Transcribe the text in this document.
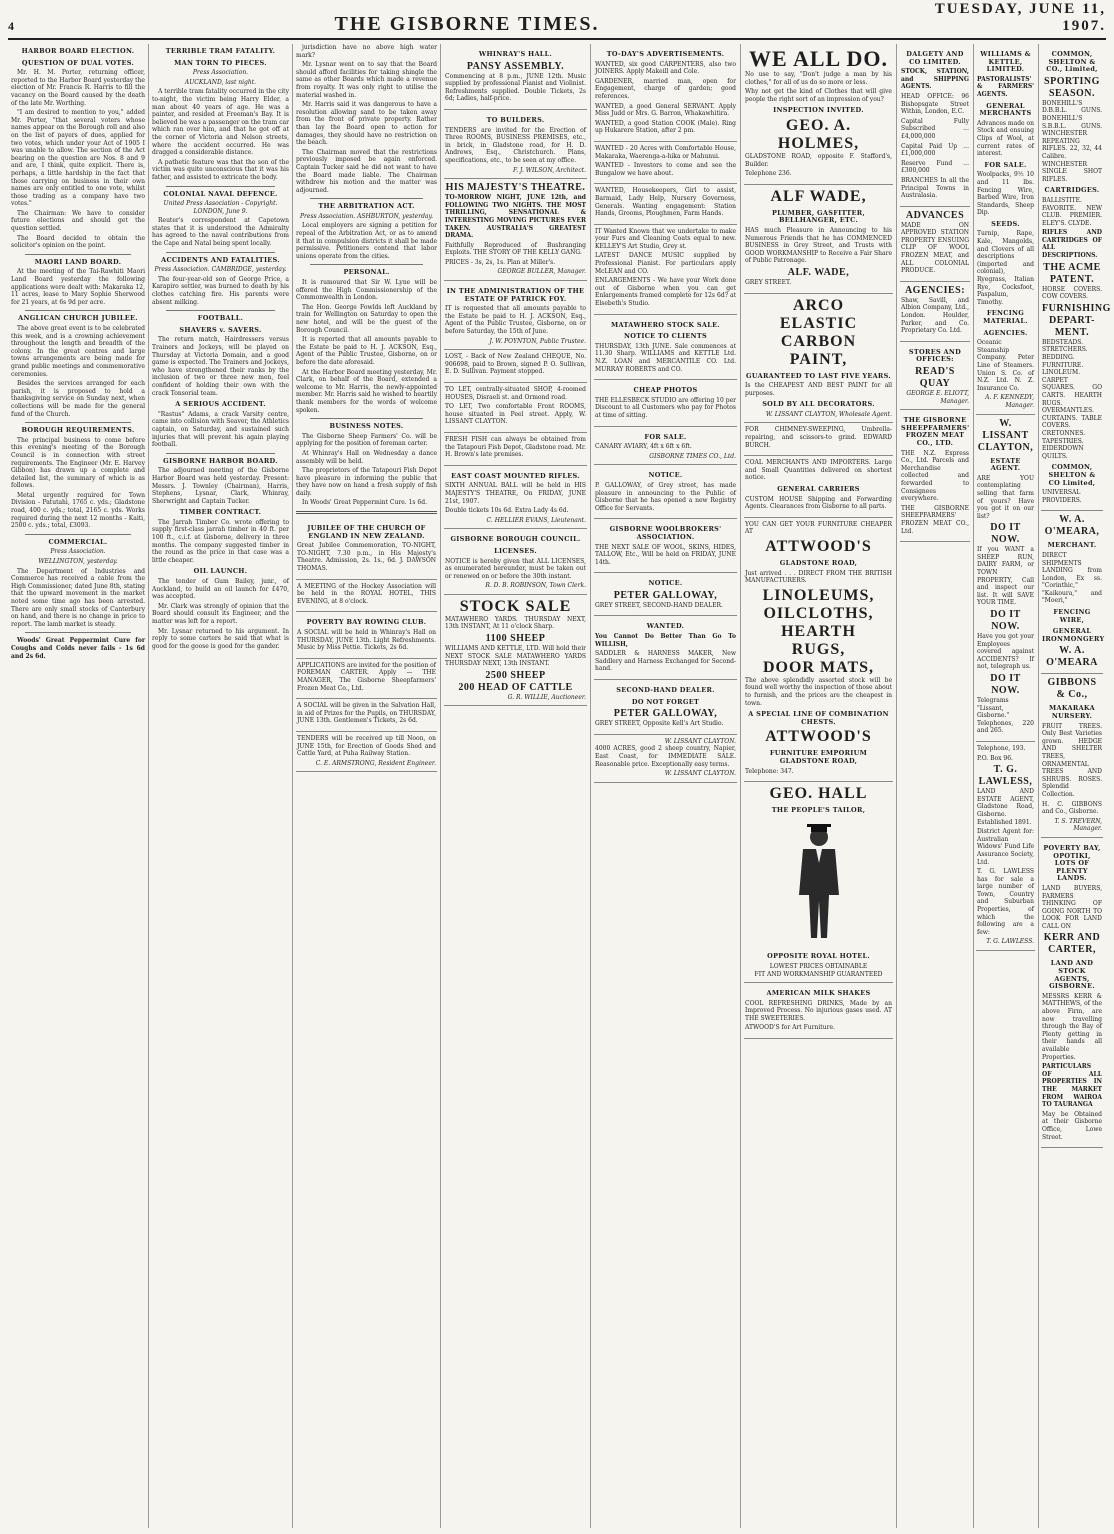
4	THE GISBORNE TIMES.
TUESDAY, JUNE 11, 1907.
HARBOR BOARD ELECTION.
QUESTION OF DUAL VOTES.
Mr. H. M. Porter, returning officer, reported to the Harbor Board yesterday the election of Mr. Francis R. Harris to fill the vacancy on the Board caused by the death of the late Mr. Worthing.
"I am desired to mention to you," added Mr. Porter, "that several voters whose names appear on the Borough roll and also on the list of payers of dues, applied for two votes, which under your Act of 1905 I was unable to allow. The section of the Act bearing on the question are Nos. 8 and 9 and are, I think, quite explicit. There is, perhaps, a little hardship in the fact that those carrying on business in their own names are only entitled to one vote, whilst those trading as a company have two votes."
The Chairman: We have to consider future elections and should get the question settled.
The Board decided to obtain the solicitor's opinion on the point.
MAORI LAND BOARD.
At the meeting of the Tai-Rawhiti Maori Land Board yesterday the following applications were dealt with: Makaraka 12, 11 acres, lease to Mary Sophie Sherwood for 21 years, at 6s 9d per acre.
ANGLICAN CHURCH JUBILEE.
The above great event is to be celebrated this week, and is a crowning achievement throughout the length and breadth of the colony. In the great centres and large towns arrangements are being made for grand public meetings and commemorative ceremonies.
Besides the services arranged for each parish, it is proposed to hold a thanksgiving service on Sunday next, when collections will be made for the general fund of the Church.
BOROUGH REQUIREMENTS.
The principal business to come before this evening's meeting of the Borough Council is in connection with street requirements. The Engineer (Mr. E. Harvey Gibbon) has drawn up a complete and detailed list, the summary of which is as follows.
Metal urgently required for Town Division - Patutahi, 1765 c. yds.; Gladstone road, 400 c. yds.; total, 2165 c. yds. Works required during the next 12 months - Kaiti, 2500 c. yds.; total, £3093.
COMMERCIAL.
Press Association.
WELLINGTON, yesterday.
The Department of Industries and Commerce has received a cable from the High Commissioner, dated June 8th, stating that the upward movement in the market noted some time ago has been arrested. There are only small stocks of Canterbury on hand, and there is no change in price to report. The lamb market is steady.
Woods' Great Peppermint Cure for Coughs and Colds never fails - 1s 6d and 2s 6d.
TERRIBLE TRAM FATALITY.
MAN TORN TO PIECES.
Press Association.
AUCKLAND, last night.
A terrible tram fatality occurred in the city to-night, the victim being Harry Elder, a man about 40 years of age. He was a painter, and resided at Freeman's Bay. It is believed he was a passenger on the tram car which ran over him, and that he got off at the corner of Victoria and Nelson streets, where the accident occurred. He was dragged a considerable distance.
A pathetic feature was that the son of the victim was quite unconscious that it was his father, and assisted to extricate the body.
COLONIAL NAVAL DEFENCE.
United Press Association - Copyright. LONDON, June 9.
Reuter's correspondent at Capetown states that it is understood the Admiralty has agreed to the naval contributions from the Cape and Natal being spent locally.
ACCIDENTS AND FATALITIES.
Press Association. CAMBRIDGE, yesterday.
The four-year-old son of George Price, a Karapiro settler, was burned to death by his clothes catching fire. His parents were absent milking.
FOOTBALL.
SHAVERS v. SAVERS.
The return match, Hairdressers versus Trainers and Jockeys, will be played on Thursday at Victoria Domain, and a good game is expected. The Trainers and Jockeys, who have strengthened their ranks by the inclusion of two or three new men, feel confident of holding their own with the crack Tonsorial team.
A SERIOUS ACCIDENT.
"Rastus" Adams, a crack Varsity centre, came into collision with Seaver, the Athletics captain, on Saturday, and sustained such injuries that will prevent his again playing football.
GISBORNE HARBOR BOARD.
The adjourned meeting of the Gisborne Harbor Board was held yesterday. Present: Messrs. J. Townley (Chairman), Harris, Stephens, Lysnar, Clark, Whinray, Sherwright and Captain Tucker.
TIMBER CONTRACT.
The Jarrah Timber Co. wrote offering to supply first-class jarrah timber in 40 ft. per 100 ft., c.i.f. at Gisborne, delivery in three months. The company suggested timber in the round as the price in that case was a little cheaper.
OIL LAUNCH.
The tender of Gum Bailey, junr., of Auckland, to build an oil launch for £470, was accepted.
Mr. Clark was strongly of opinion that the Board should consult its Engineer, and the matter was left for a report.
Mr. Lysnar returned to his argument. In reply to some carters he said that what is good for the goose is good for the gander.
jurisdiction have no above high water mark?
Mr. Lysnar went on to say that the Board should afford facilities for taking shingle the same as other Boards which made a revenue from royalty. It was only right to utilise the material washed in.
Mr. Harris said it was dangerous to have a resolution allowing sand to be taken away from the front of private property. Rather than lay the Board open to action for damages, they should have no restriction on the beach.
The Chairman moved that the restrictions previously imposed be again enforced. Captain Tucker said he did not want to have the Board made liable. The Chairman withdrew his motion and the matter was adjourned.
THE ARBITRATION ACT.
Press Association. ASHBURTON, yesterday.
Local employers are signing a petition for repeal of the Arbitration Act, or as to amend it that in compulsion districts it shall be made permissive. Petitioners contend that labor unions operate from the cities.
PERSONAL.
It is rumoured that Sir W. Lyne will be offered the High Commissionership of the Commonwealth in London.
The Hon. George Fowlds left Auckland by train for Wellington on Saturday to open the new hotel, and will be the guest of the Borough Council.
It is reported that all amounts payable to the Estate be paid to H. J. ACKSON, Esq., Agent of the Public Trustee, Gisborne, on or before the date aforesaid.
At the Harbor Board meeting yesterday, Mr. Clark, on behalf of the Board, extended a welcome to Mr. Harris, the newly-appointed member. Mr. Harris said he wished to heartily thank members for the words of welcome spoken.
BUSINESS NOTES.
The Gisborne Sheep Farmers' Co. will be applying for the position of foreman carter.
At Whinray's Hall on Wednesday a dance assembly will be held.
The proprietors of the Tatapouri Fish Depot have pleasure in informing the public that they have now on hand a fresh supply of fish daily.
In Woods' Great Peppermint Cure. 1s 6d.
JUBILEE OF THE CHURCH OF ENGLAND IN NEW ZEALAND.
Great Jubilee Commemoration, TO-NIGHT, TO-NIGHT, 7.30 p.m., in His Majesty's Theatre. Admission, 2s. 1s., 6d. J. DAWSON THOMAS.
A MEETING of the Hockey Association will be held in the ROYAL HOTEL, THIS EVENING, at 8 o'clock.
POVERTY BAY ROWING CLUB.
A SOCIAL will be held in Whinray's Hall on THURSDAY, JUNE 13th. Light Refreshments. Music by Miss Pettie. Tickets, 2s 6d.
APPLICATIONS are invited for the position of FOREMAN CARTER. Apply — THE MANAGER, The Gisborne Sheepfarmers' Frozen Meat Co., Ltd.
A SOCIAL will be given in the Salvation Hall, in aid of Prizes for the Pupils, on THURSDAY, JUNE 13th. Gentlemen's Tickets, 2s 6d.
TENDERS will be received up till Noon, on JUNE 15th, for Erection of Goods Shed and Cattle Yard, at Puha Railway Station.
C. E. ARMSTRONG, Resident Engineer.
WHINRAY'S HALL.
PANSY ASSEMBLY.
Commencing at 8 p.m., JUNE 12th. Music supplied by professional Pianist and Violinist. Refreshments supplied. Double Tickets, 2s 6d; Ladies, half-price.
TO BUILDERS.
TENDERS are invited for the Erection of Three ROOMS, BUSINESS PREMISES, etc., in brick, in Gladstone road, for H. D. Andrews, Esq., Christchurch. Plans, specifications, etc., to be seen at my office.
F. J. WILSON, Architect.
HIS MAJESTY'S THEATRE.
TO-MORROW NIGHT, JUNE 12th, and FOLLOWING TWO NIGHTS. THE MOST THRILLING, SENSATIONAL & INTERESTING MOVING PICTURES EVER TAKEN. AUSTRALIA'S GREATEST DRAMA.
Faithfully Reproduced of Bushranging Exploits. THE STORY OF THE KELLY GANG.
PRICES - 3s, 2s, 1s. Plan at Miller's.
GEORGE BULLER, Manager.
IN THE ADMINISTRATION OF THE ESTATE OF PATRICK FOY.
IT is requested that all amounts payable to the Estate be paid to H. J. ACKSON, Esq., Agent of the Public Trustee, Gisborne, on or before Saturday, the 15th of June.
J. W. POYNTON, Public Trustee.
LOST, - Back of New Zealand CHEQUE, No. 906698, paid to Brown, signed P. O. Sullivan, E. D. Sullivan. Payment stopped.
TO LET, centrally-situated SHOP, 4-roomed HOUSES, Disraeli st. and Ormond road.
TO LET, Two comfortable Front ROOMS, house situated in Peel street. Apply, W. LISSANT CLAYTON.
FRESH FISH can always be obtained from the Tatapouri Fish Depot, Gladstone road. Mr. H. Brown's late premises.
EAST COAST MOUNTED RIFLES.
SIXTH ANNUAL BALL will be held in HIS MAJESTY'S THEATRE, On FRIDAY, JUNE 21st, 1907.
Double tickets 10s 6d. Extra Lady 4s 6d.
C. HELLIER EVANS, Lieutenant.
GISBORNE BOROUGH COUNCIL.
LICENSES.
NOTICE is hereby given that ALL LICENSES, as enumerated hereunder, must be taken out or renewed on or before the 30th instant.
R. D. B. ROBINSON, Town Clerk.
STOCK SALE
MATAWHERO YARDS. THURSDAY NEXT, 13th INSTANT, At 11 o'clock Sharp.
1100 SHEEP
WILLIAMS AND KETTLE, LTD. Will hold their NEXT STOCK SALE MATAWHERO YARDS THURSDAY NEXT, 13th INSTANT.
2500 SHEEP
200 HEAD OF CATTLE
G. R. WILLIE, Auctioneer.
TO-DAY'S ADVERTISEMENTS.
WANTED, six good CARPENTERS, also two JOINERS. Apply Makeill and Cole.
GARDENER, married man, open for Engagement, charge of garden; good references.
WANTED, a good General SERVANT. Apply Miss Judd or Mrs. G. Barron, Whakawhitira.
WANTED, a good Station COOK (Male). Ring up Hukarere Station, after 2 pm.
WANTED - 20 Acres with Comfortable House, Makaraka, Waerenga-a-hika or Mahunui.
WANTED - Investors to come and see the Bungalow we have about.
WANTED, Housekeepers, Girl to assist, Barmaid, Lady Help, Nursery Governess, Generals. Wanting engagement: Station Hands, Grooms, Ploughmen, Farm Hands.
IT Wanted Known that we undertake to make your Furs and Cleaning Coats equal to new. KELLEY'S Art Studio, Grey st.
LATEST DANCE MUSIC supplied by Professional Pianist. For particulars apply McLEAN and CO.
ENLARGEMENTS - We have your Work done out of Gisborne when you can get Enlargements framed complete for 12s 6d? at Elsebeth's Studio.
MATAWHERO STOCK SALE.
NOTICE TO CLIENTS
THURSDAY, 13th JUNE. Sale commences at 11.30 Sharp. WILLIAMS and KETTLE Ltd. N.Z. LOAN and MERCANTILE CO. Ltd. MURRAY ROBERTS and CO.
CHEAP PHOTOS
THE ELLESBECK STUDIO are offering 10 per Discount to all Customers who pay for Photos at time of sitting.
FOR SALE.
CANARY AVIARY, 4ft x 6ft x 6ft.
GISBORNE TIMES CO., Ltd.
NOTICE.
P. GALLOWAY, of Grey street, has made pleasure in announcing to the Public of Gisborne that he has opened a new Registry Office for Servants.
GISBORNE WOOLBROKERS' ASSOCIATION.
THE NEXT SALE OF WOOL, SKINS, HIDES, TALLOW, Etc., Will be held on FRIDAY, JUNE 14th.
NOTICE.
PETER GALLOWAY,
GREY STREET, SECOND-HAND DEALER.
WANTED.
You Cannot Do Better Than Go To WILLISH,
SADDLER & HARNESS MAKER, New Saddlery and Harness Exchanged for Second-hand.
SECOND-HAND DEALER.
DO NOT FORGET
PETER GALLOWAY,
GREY STREET, Opposite Kell's Art Studio.
W. LISSANT CLAYTON.
4000 ACRES, good 2 sheep country, Napier, East Coast, for IMMEDIATE SALE. Reasonable price. Exceptionally easy terms.
W. LISSANT CLAYTON.
WE ALL DO.
No use to say, "Don't judge a man by his clothes," for all of us do so more or less.
Why not get the kind of Clothes that will give people the right sort of an impression of you?
INSPECTION INVITED.
GEO. A. HOLMES,
GLADSTONE ROAD, opposite F. Stafford's, Builder.
Telephone 236.
ALF WADE,
PLUMBER, GASFITTER, BELLHANGER, ETC.
HAS much Pleasure in Announcing to his Numerous Friends that he has COMMENCED BUSINESS in Grey Street, and Trusts with GOOD WORKMANSHIP to Receive a Fair Share of Public Patronage.
ALF. WADE,
GREY STREET.
ARCO
ELASTIC
CARBON
PAINT,
GUARANTEED TO LAST FIVE YEARS.
Is the CHEAPEST AND BEST PAINT for all purposes.
SOLD BY ALL DECORATORS.
W. LISSANT CLAYTON, Wholesale Agent.
FOR CHIMNEY-SWEEPING, Umbrella-repairing, and scissors-to grind. EDWARD BURCH.
COAL MERCHANTS AND IMPORTERS. Large and Small Quantities delivered on shortest notice.
GENERAL CARRIERS
CUSTOM HOUSE Shipping and Forwarding Agents. Clearances from Gisborne to all parts.
YOU CAN GET YOUR FURNITURE CHEAPER AT
ATTWOOD'S
GLADSTONE ROAD,
Just arrived . . . DIRECT FROM THE BRITISH MANUFACTURERS.
LINOLEUMS,
OILCLOTHS,
HEARTH
RUGS,
DOOR MATS,
The above splendidly assorted stock will be found well worthy the inspection of those about to furnish, and the prices are the cheapest in town.
A SPECIAL LINE OF COMBINATION CHESTS.
ATTWOOD'S
FURNITURE EMPORIUM GLADSTONE ROAD,
Telephone: 347.
GEO. HALL
THE PEOPLE'S TAILOR,
OPPOSITE ROYAL HOTEL.
LOWEST PRICES OBTAINABLE
FIT AND WORKMANSHIP GUARANTEED
AMERICAN MILK SHAKES
COOL REFRESHING DRINKS, Made by an Improved Process. No injurious gases used. AT THE SWEETERIES.
ATWOOD'S for Art Furniture.
DALGETY AND CO LIMITED.
STOCK, STATION, and SHIPPING AGENTS.
HEAD OFFICE: 96 Bishopsgate Street Within, London, E.C.
Capital Fully Subscribed ... £4,000,000
Capital Paid Up ... £1,000,000
Reserve Fund ... £300,000
BRANCHES In all the Principal Towns in Australasia.
ADVANCES
MADE ON APPROVED STATION PROPERTY ENSUING CLIP OF WOOL FROZEN MEAT, and ALL COLONIAL PRODUCE.
AGENCIES:
Shaw, Savill, and Albion Company, Ltd., London. Houlder, Parker, and Co. Proprietary Co. Ltd.
STORES AND OFFICES:
READ'S QUAY
GEORGE E. ELIOTT, Manager.
THE GISBORNE SHEEPFARMERS' FROZEN MEAT CO., LTD.
THE N.Z. Express Co., Ltd. Parcels and Merchandise collected and forwarded to Consignees everywhere.
THE GISBORNE SHEEPFARMERS' FROZEN MEAT CO., Ltd.
WILLIAMS & KETTLE, LIMITED.
PASTORALISTS' & FARMERS' AGENTS.
GENERAL MERCHANTS
Advances made on Stock and ensuing Clips of Wool, at current rates of interest.
FOR SALE.
Woolpacks, 9½ 10 and 11 lbs. Fencing Wire, Barbed Wire, Iron Standards, Sheep Dip.
SEEDS.
Turnip, Rape, Kale, Mangolds, and Clovers of all descriptions (imported and colonial), Ryegrass, Italian Rye, Cocksfoot, Paspalum, Timothy.
FENCING MATERIAL.
AGENCIES.
Oceanic Steamship Company. Peter Line of Steamers. Union S. Co. of N.Z. Ltd. N. Z. Insurance Co.
A. F. KENNEDY, Manager.
W. LISSANT
CLAYTON,
ESTATE AGENT.
ARE YOU contemplating selling that farm of yours? Have you got it on our list?
DO IT NOW.
If you WANT a SHEEP RUN, DAIRY FARM, or TOWN PROPERTY, Call and inspect our list. It will SAVE YOUR TIME.
DO IT NOW.
Have you got your Employees covered against ACCIDENTS? If not, telegraph us.
DO IT NOW.
Telegrams "Lissant, Gisborne." Telephones, 220 and 265.
Telephone, 193.
P.O. Box 96.
T. G. LAWLESS,
LAND AND ESTATE AGENT, Gladstone Road, Gisborne. Established 1891.
District Agent for: Australian Widows' Fund Life Assurance Society, Ltd.
T. G. LAWLESS has for sale a large number of Town, Country and Suburban Properties, of which the following are a few:
T. G. LAWLESS.
COMMON, SHELTON & CO., Limited,
SPORTING SEASON.
BONEHILL'S D.B.B.L. GUNS. BONEHILL'S S.B.B.L. GUNS. WINCHESTER REPEATING RIFLES. 22, 32, 44 Calibre. WINCHESTER SINGLE SHOT RIFLES.
CARTRIDGES.
BALLISTITE. FAVORITE. NEW CLUB. PREMIER. ELEY'S. CLYDE.
RIFLES AND CARTRIDGES OF ALL DESCRIPTIONS.
THE ACME PATENT.
HORSE COVERS. COW COVERS.
FURNISHING DEPART-MENT.
BEDSTEADS. STRETCHERS. BEDDING. FURNITURE. LINOLEUM. CARPET SQUARES. GO CARTS. HEARTH RUGS. OVERMANTLES. CURTAINS. TABLE COVERS. CRETONNES. TAPESTRIES. EIDERDOWN QUILTS.
COMMON, SHELTON & CO Limited,
UNIVERSAL PROVIDERS.
W. A. O'MEARA,
MERCHANT.
DIRECT SHIPMENTS LANDING from London, Ex ss. "Corinthic," "Kaikoura," and "Moeri,"
FENCING WIRE,
GENERAL IRONMONGERY
W. A. O'MEARA
GIBBONS & Co.,
MAKARAKA NURSERY.
FRUIT TREES. Only Best Varieties grown. HEDGE AND SHELTER TREES, ORNAMENTAL TREES AND SHRUBS. ROSES. Splendid Collection.
H. C. GIBBONS and Co., Gisborne.
T. S. TREVERN, Manager.
POVERTY BAY, OPOTIKI, LOTS OF PLENTY LANDS.
LAND BUYERS, FARMERS THINKING OF GOING NORTH TO LOOK FOR LAND CALL ON
KERR AND CARTER,
LAND AND STOCK AGENTS, GISBORNE.
MESSRS KERR & MATTHEWS, of the above Firm, are now travelling through the Bay of Plenty getting in their hands all available Properties.
PARTICULARS OF ALL PROPERTIES IN THE MARKET FROM WAIROA TO TAURANGA
May be Obtained at their Gisborne Office, Lowe Street.
